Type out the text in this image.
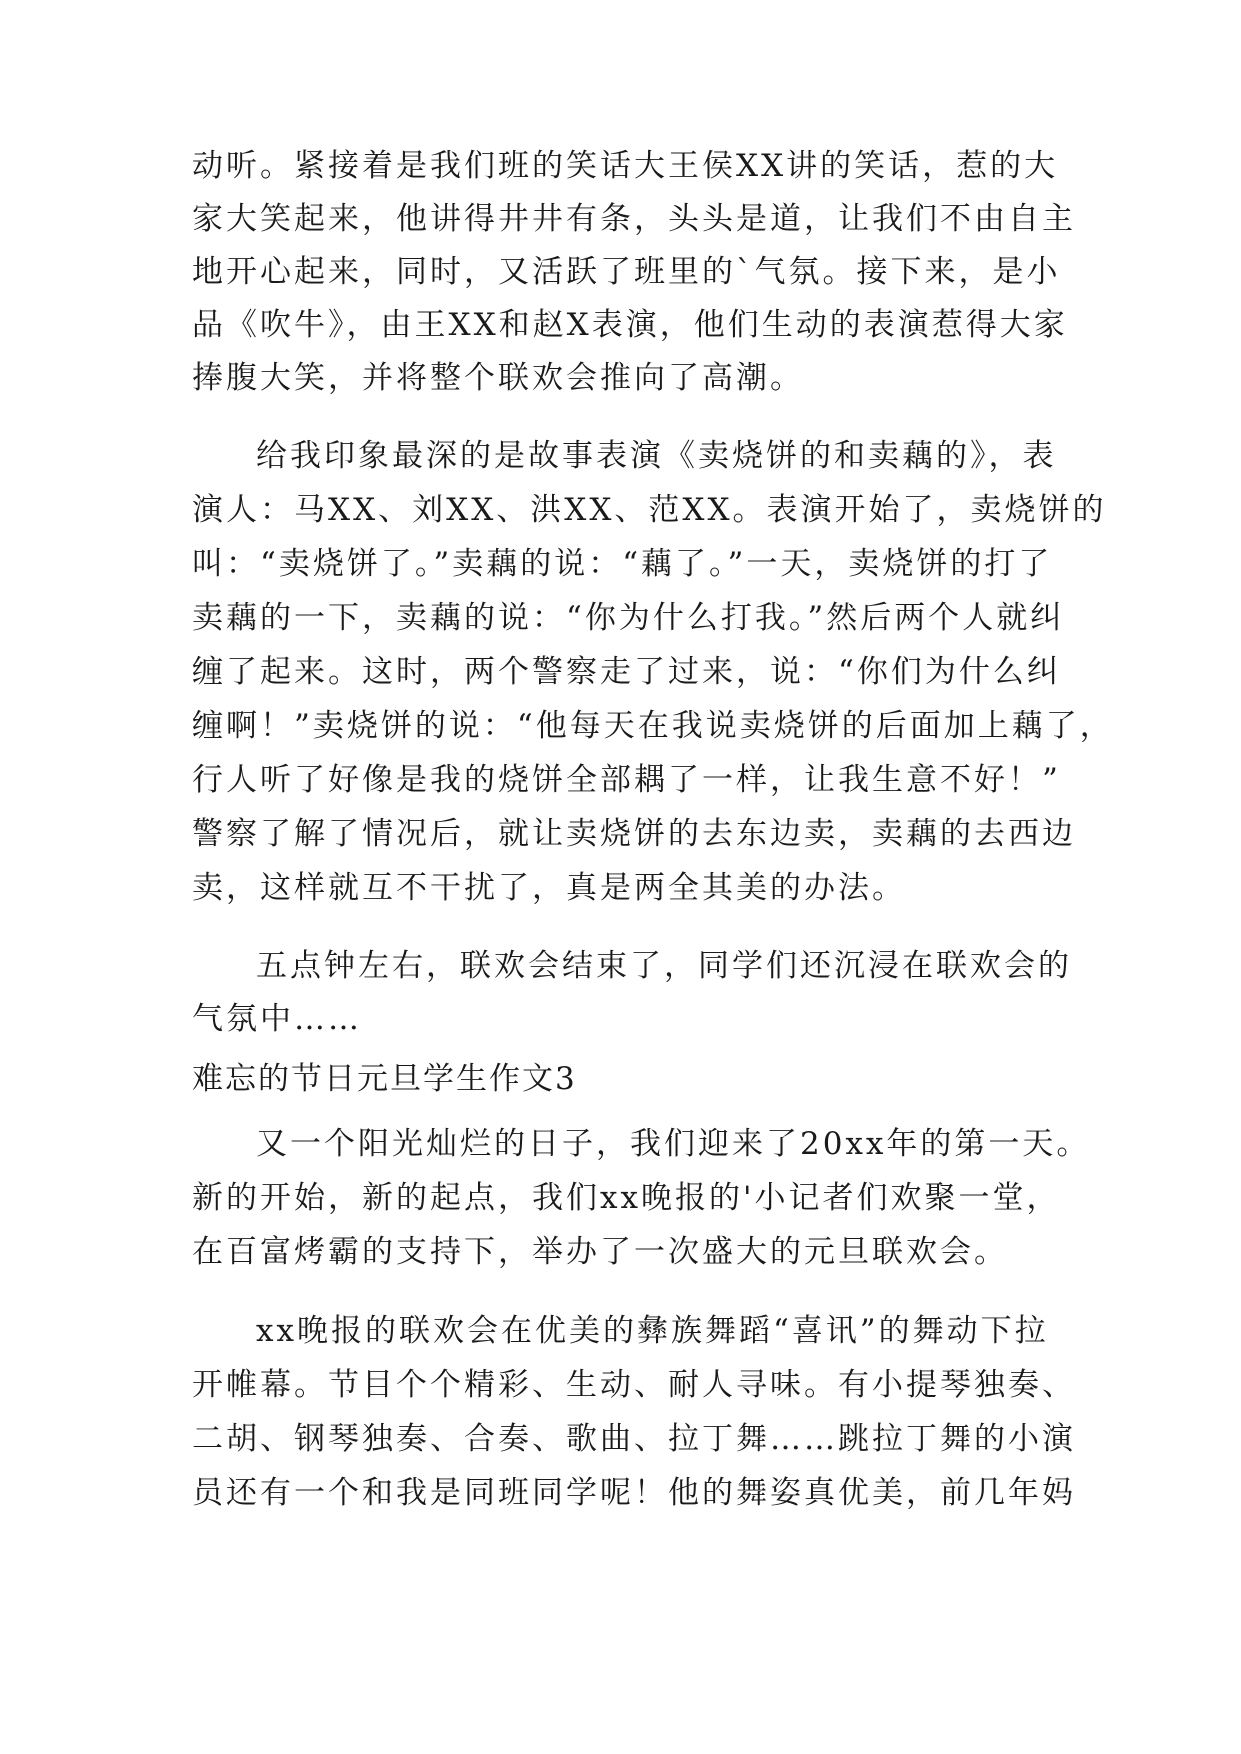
动听。紧接着是我们班的笑话大王侯XX讲的笑话，惹的大
家大笑起来，他讲得井井有条，头头是道，让我们不由自主
地开心起来，同时，又活跃了班里的`气氛。接下来，是小
品《吹牛》，由王XX和赵X表演，他们生动的表演惹得大家
捧腹大笑，并将整个联欢会推向了高潮。
给我印象最深的是故事表演《卖烧饼的和卖藕的》，表
演人：马XX、刘XX、洪XX、范XX。表演开始了，卖烧饼的
叫：“卖烧饼了。”卖藕的说：“藕了。”一天，卖烧饼的打了
卖藕的一下，卖藕的说：“你为什么打我。”然后两个人就纠
缠了起来。这时，两个警察走了过来，说：“你们为什么纠
缠啊！”卖烧饼的说：“他每天在我说卖烧饼的后面加上藕了，
行人听了好像是我的烧饼全部耦了一样，让我生意不好！”
警察了解了情况后，就让卖烧饼的去东边卖，卖藕的去西边
卖，这样就互不干扰了，真是两全其美的办法。
五点钟左右，联欢会结束了，同学们还沉浸在联欢会的
气氛中……
难忘的节日元旦学生作文3
又一个阳光灿烂的日子，我们迎来了20xx年的第一天。
新的开始，新的起点，我们xx晚报的'小记者们欢聚一堂，
在百富烤霸的支持下，举办了一次盛大的元旦联欢会。
xx晚报的联欢会在优美的彝族舞蹈“喜讯”的舞动下拉
开帷幕。节目个个精彩、生动、耐人寻味。有小提琴独奏、
二胡、钢琴独奏、合奏、歌曲、拉丁舞……跳拉丁舞的小演
员还有一个和我是同班同学呢！他的舞姿真优美，前几年妈
